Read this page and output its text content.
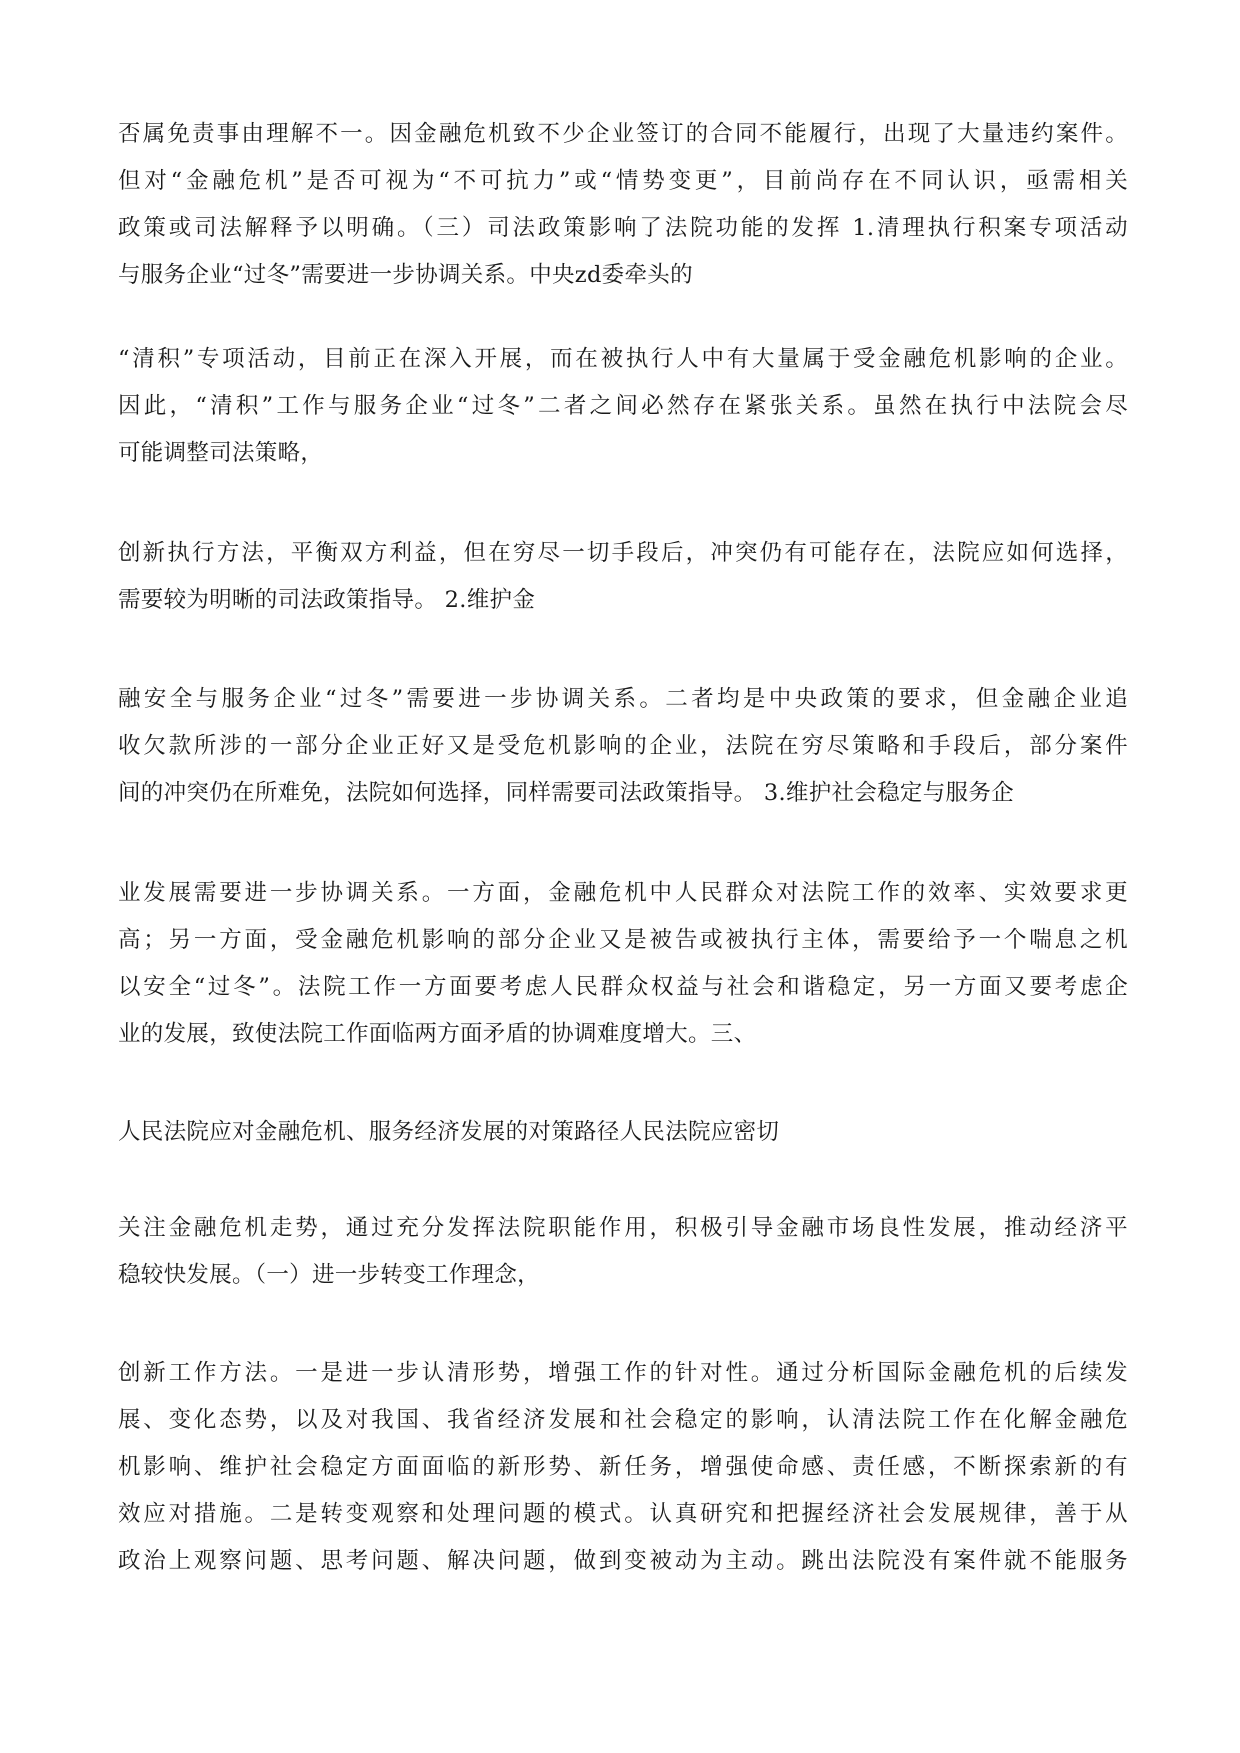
否属免责事由理解不一。因金融危机致不少企业签订的合同不能履行，出现了大量违约案件。
但对“金融危机”是否可视为“不可抗力”或“情势变更”，目前尚存在不同认识，亟需相关
政策或司法解释予以明确。（三）司法政策影响了法院功能的发挥 1.清理执行积案专项活动
与服务企业“过冬”需要进一步协调关系。中央zd委牵头的

“清积”专项活动，目前正在深入开展，而在被执行人中有大量属于受金融危机影响的企业。
因此，“清积”工作与服务企业“过冬”二者之间必然存在紧张关系。虽然在执行中法院会尽
可能调整司法策略，

创新执行方法，平衡双方利益，但在穷尽一切手段后，冲突仍有可能存在，法院应如何选择，
需要较为明晰的司法政策指导。 2.维护金

融安全与服务企业“过冬”需要进一步协调关系。二者均是中央政策的要求，但金融企业追
收欠款所涉的一部分企业正好又是受危机影响的企业，法院在穷尽策略和手段后，部分案件
间的冲突仍在所难免，法院如何选择，同样需要司法政策指导。 3.维护社会稳定与服务企

业发展需要进一步协调关系。一方面，金融危机中人民群众对法院工作的效率、实效要求更
高；另一方面，受金融危机影响的部分企业又是被告或被执行主体，需要给予一个喘息之机
以安全“过冬”。法院工作一方面要考虑人民群众权益与社会和谐稳定，另一方面又要考虑企
业的发展，致使法院工作面临两方面矛盾的协调难度增大。三、

人民法院应对金融危机、服务经济发展的对策路径人民法院应密切

关注金融危机走势，通过充分发挥法院职能作用，积极引导金融市场良性发展，推动经济平
稳较快发展。（一）进一步转变工作理念，

创新工作方法。一是进一步认清形势，增强工作的针对性。通过分析国际金融危机的后续发
展、变化态势，以及对我国、我省经济发展和社会稳定的影响，认清法院工作在化解金融危
机影响、维护社会稳定方面面临的新形势、新任务，增强使命感、责任感，不断探索新的有
效应对措施。二是转变观察和处理问题的模式。认真研究和把握经济社会发展规律，善于从
政治上观察问题、思考问题、解决问题，做到变被动为主动。跳出法院没有案件就不能服务
